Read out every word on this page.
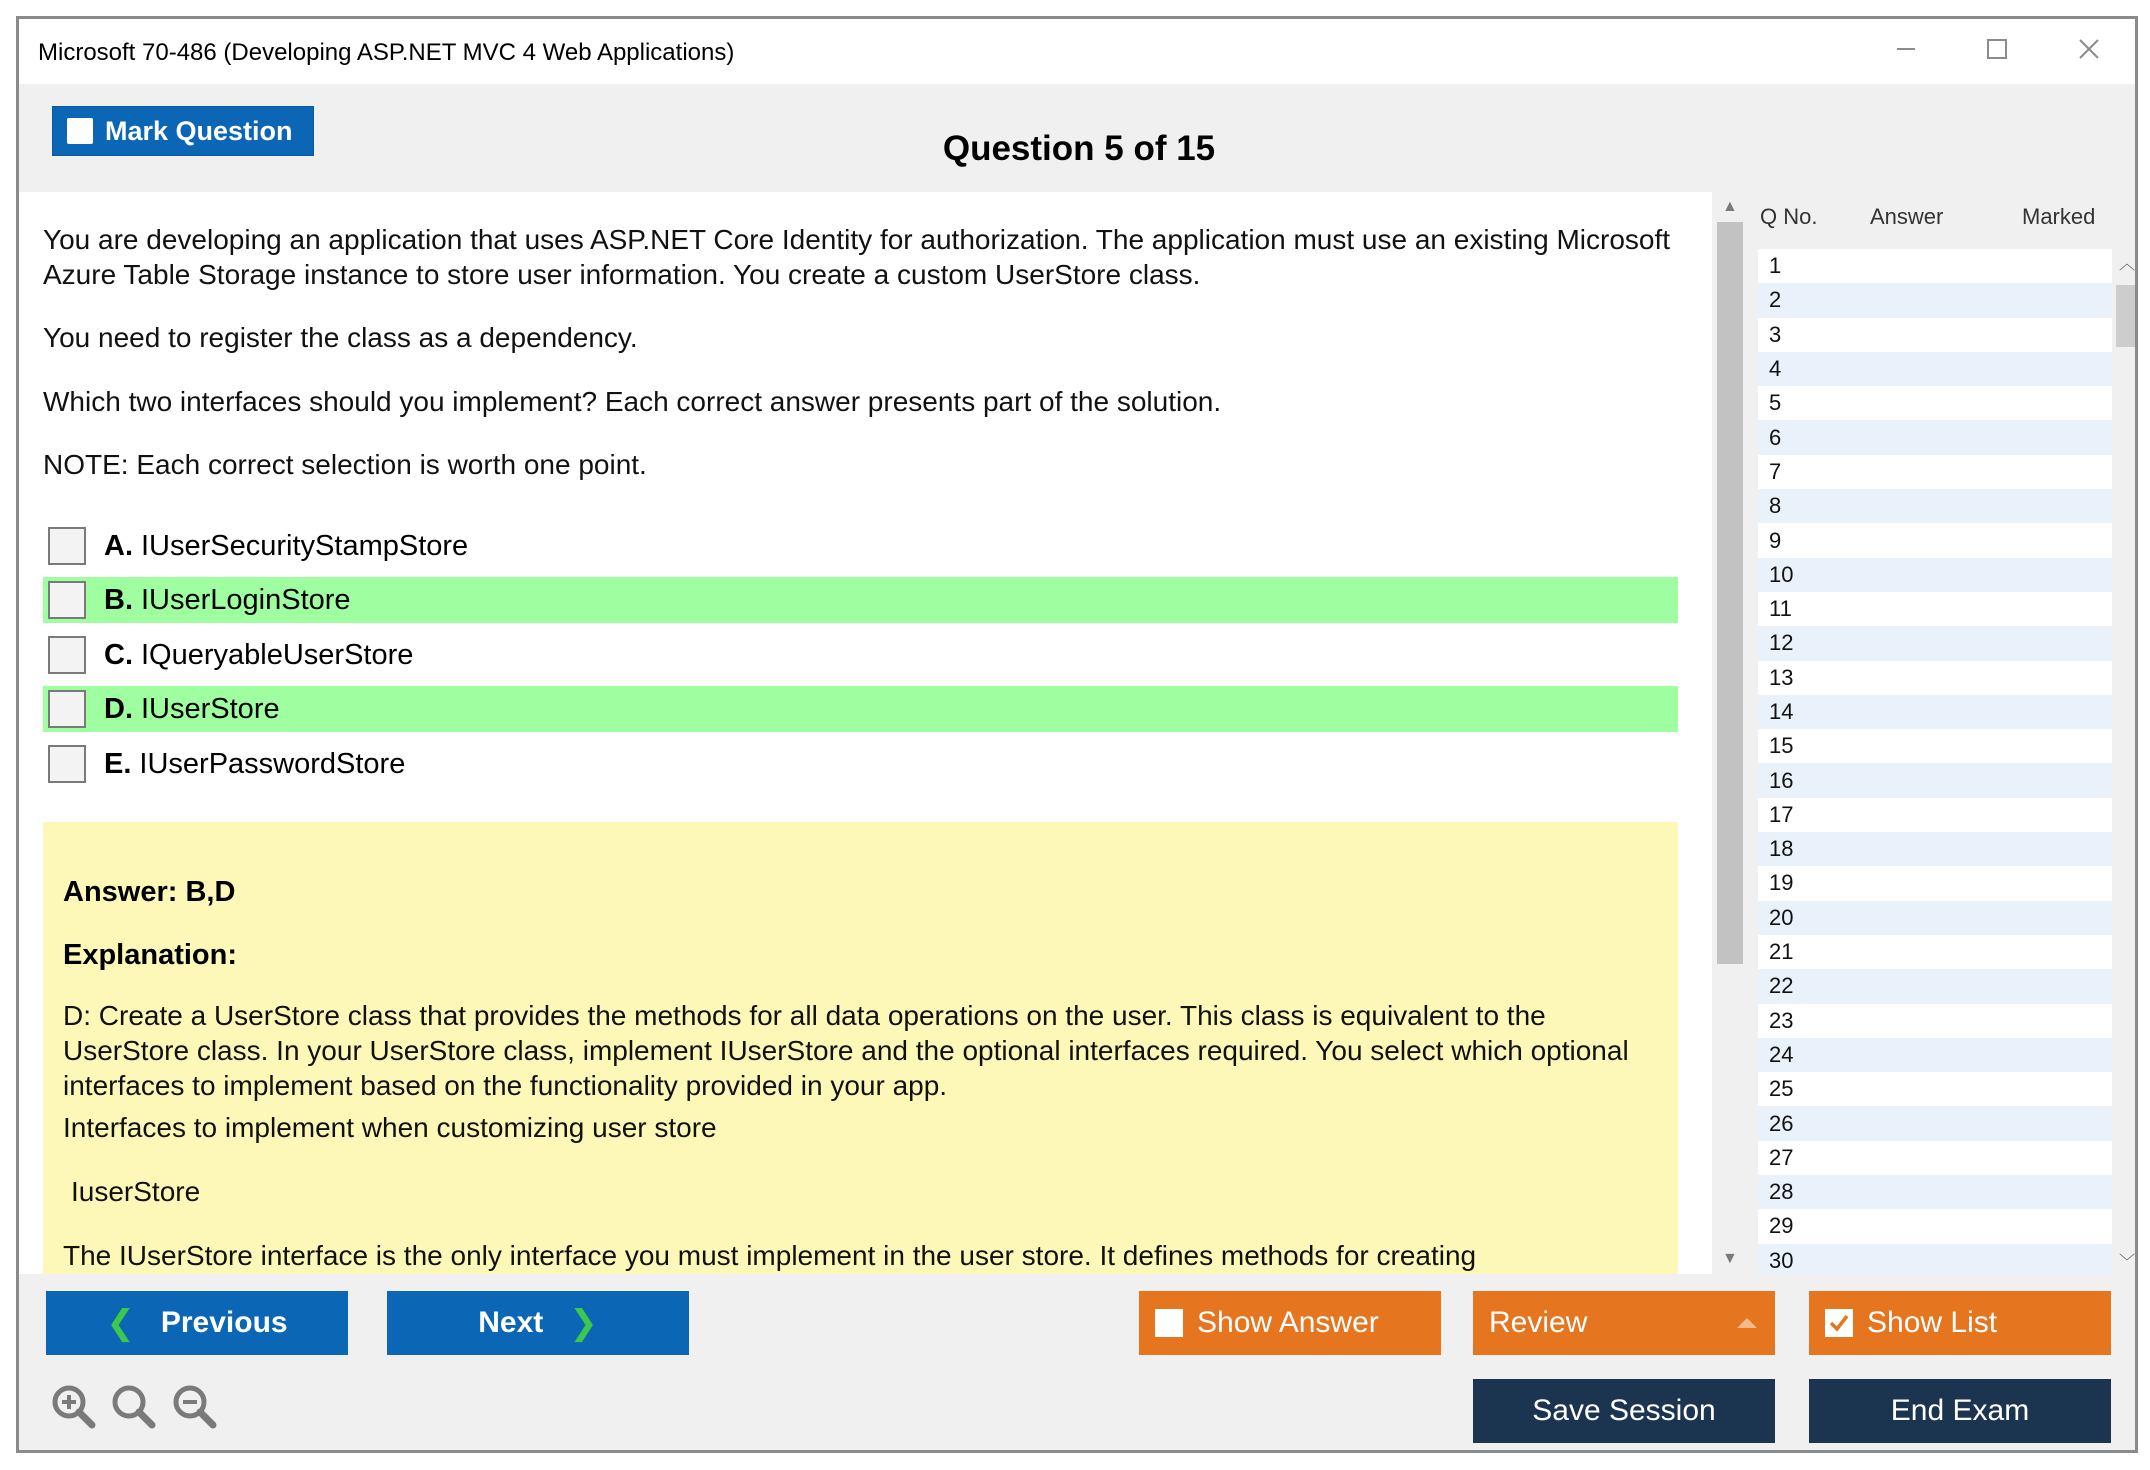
Microsoft 70-486 (Developing ASP.NET MVC 4 Web Applications)
Mark Question	Question 5 of 15

You are developing an application that uses ASP.NET Core Identity for authorization. The application must use an existing Microsoft Azure Table Storage instance to store user information. You create a custom UserStore class.

You need to register the class as a dependency.

Which two interfaces should you implement? Each correct answer presents part of the solution.

NOTE: Each correct selection is worth one point.

A. IUserSecurityStampStore
B. IUserLoginStore
C. IQueryableUserStore
D. IUserStore
E. IUserPasswordStore
Answer: B,D
Explanation:

D: Create a UserStore class that provides the methods for all data operations on the user. This class is equivalent to the UserStore class. In your UserStore class, implement IUserStore and the optional interfaces required. You select which optional interfaces to implement based on the functionality provided in your app.

Interfaces to implement when customizing user store

IuserStore

The IUserStore interface is the only interface you must implement in the user store. It defines methods for creating

▲
▼
Q No. Answer	Marked
1
2
3
4
5
6
7
8
9
10
11
12
13
14
15
16
17
18
19
20
21
22
23
24
25
26
27
28
29
30
︿
﹀
❮ Previous	Next ❯	Show Answer	Review	Show List
Save Session	End Exam
